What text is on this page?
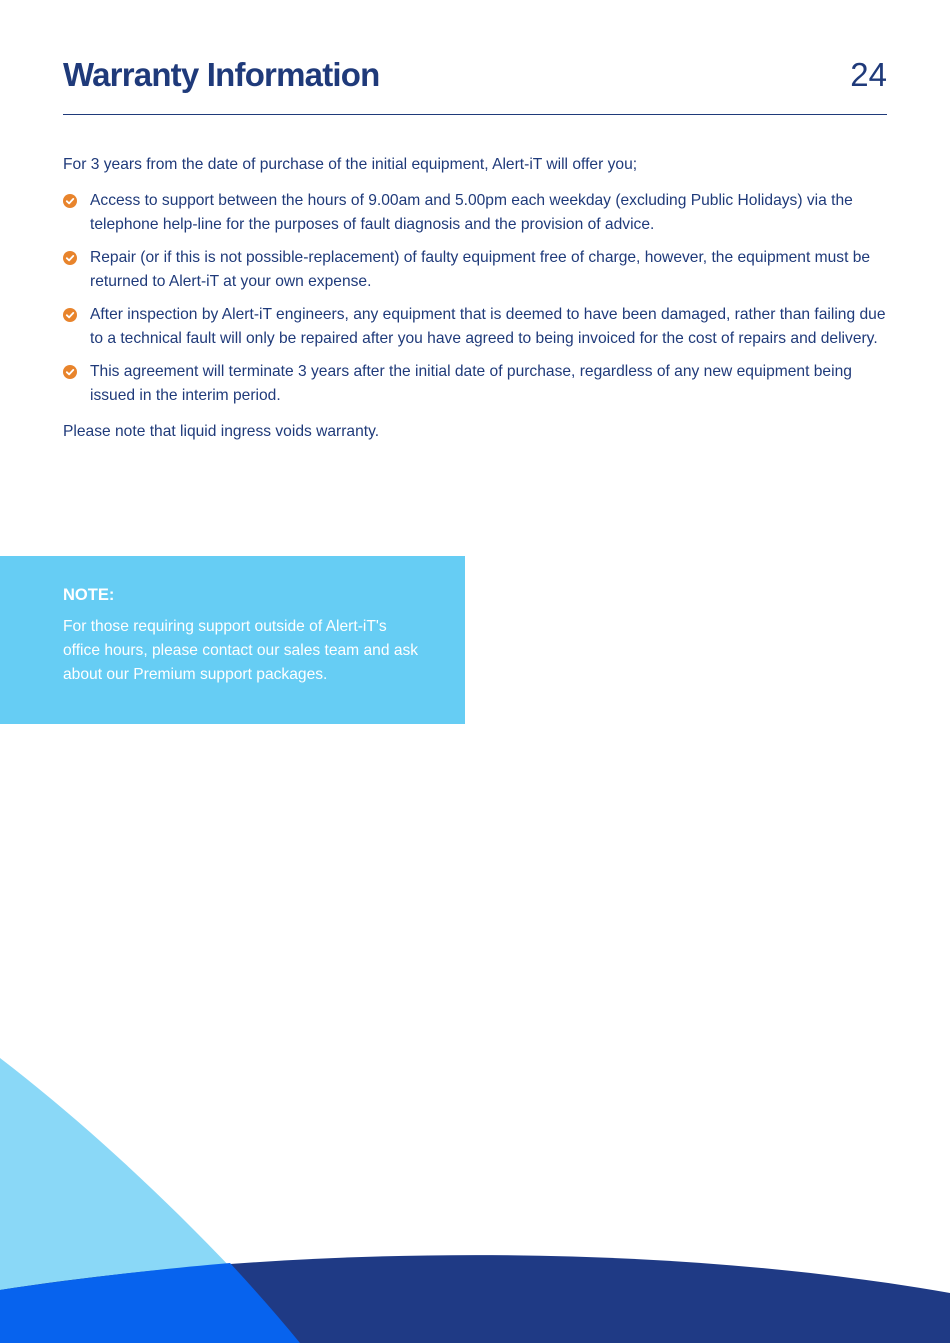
Warranty Information	24

For 3 years from the date of purchase of the initial equipment, Alert-iT will offer you;

Access to support between the hours of 9.00am and 5.00pm each weekday (excluding Public Holidays) via the telephone help-line for the purposes of fault diagnosis and the provision of advice.
Repair (or if this is not possible-replacement) of faulty equipment free of charge, however, the equipment must be returned to Alert-iT at your own expense.
After inspection by Alert-iT engineers, any equipment that is deemed to have been damaged, rather than failing due to a technical fault will only be repaired after you have agreed to being invoiced for the cost of repairs and delivery.
This agreement will terminate 3 years after the initial date of purchase, regardless of any new equipment being issued in the interim period.

Please note that liquid ingress voids warranty.

NOTE:
For those requiring support outside of Alert-iT's office hours, please contact our sales team and ask about our Premium support packages.
